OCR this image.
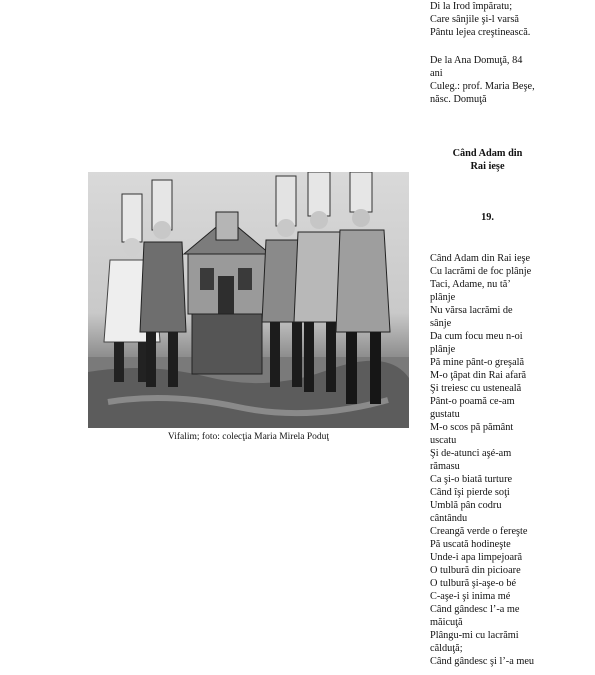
Di la Irod împăratu;
Care sânjile şi-l varsă
Pântu lejea creştinească.
De la Ana Domuţă, 84
ani
Culeg.: prof. Maria Beşe,
născ. Domuţă
Când Adam din
Rai ieşe
19.
Când Adam din Rai ieşe
Cu lacrămi de foc plânje
Taci, Adame, nu tă’
plânje
Nu vărsa lacrămi de
sânje
Da cum focu meu n-oi
plânje
Pă mine pânt-o greşală
M-o ţâpat din Rai afară
Şi treiesc cu usteneală
Pânt-o poamă ce-am
gustatu
M-o scos pă pământ
uscatu
Şi de-atunci aşé-am
rămasu
Ca şi-o biată turture
Când îşi pierde soţi
Umblă pân codru
cântându
Creangă verde o fereşte
Pă uscată hodineşte
Unde-i apa limpejoară
O tulbură din picioare
O tulbură şi-aşe-o bé
C-aşe-i şi inima mé
Când gândesc l’-a me
măicuţă
Plângu-mi cu lacrămi
călduţă;
Când gândesc şi l’-a meu
Vifalim; foto: colecţia Maria Mirela Poduţ
